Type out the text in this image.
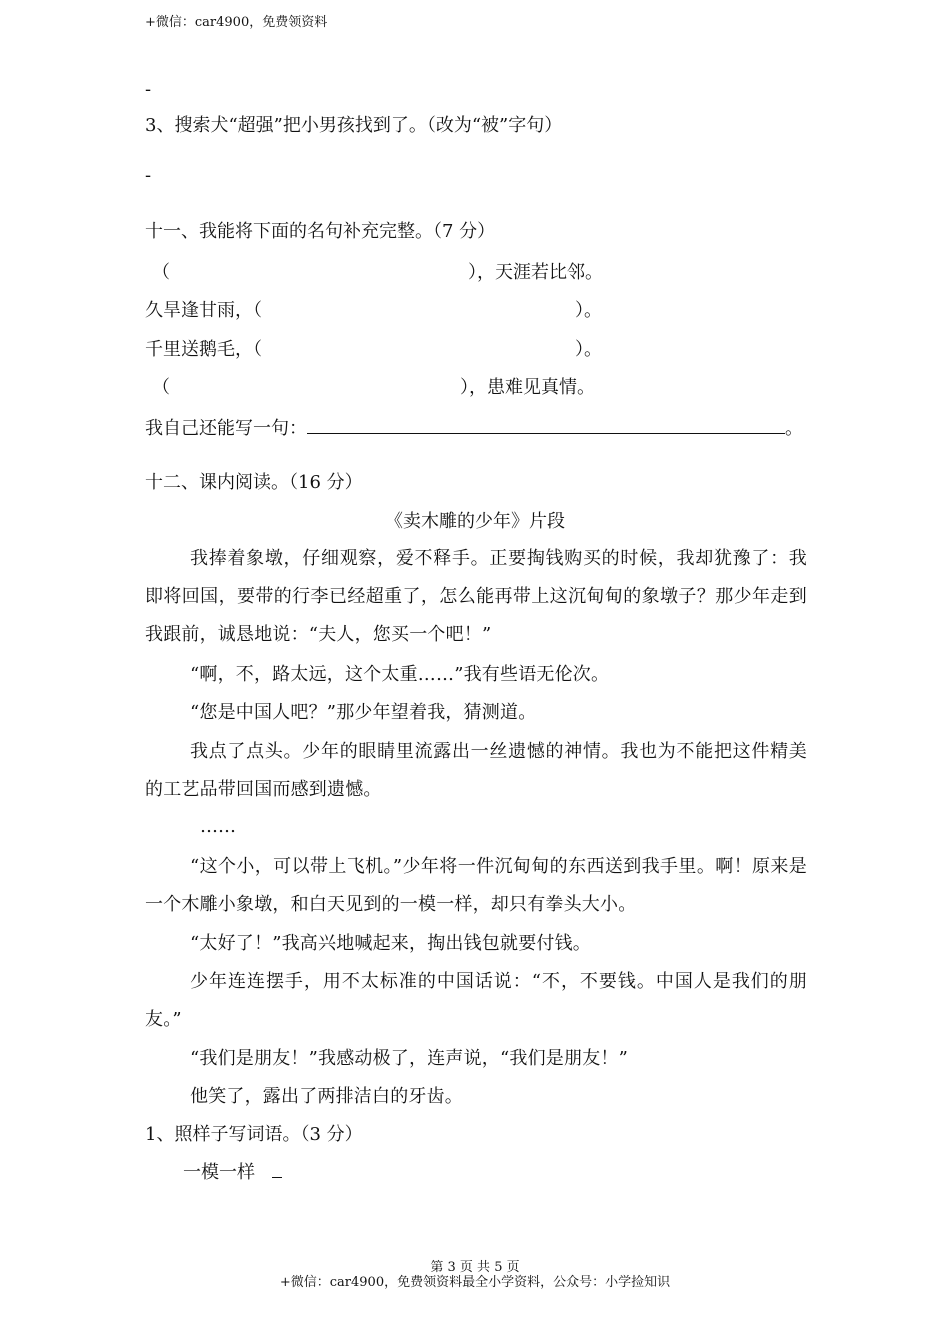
+微信：car4900，免费领资料
-
-
3、搜索犬“超强”把小男孩找到了。（改为“被”字句）
十一、我能将下面的名句补充完整。（7 分）
（	），天涯若比邻。
久旱逢甘雨，（	）。
千里送鹅毛，（	）。
（	），患难见真情。
我自己还能写一句：	。
十二、课内阅读。（16 分）
《卖木雕的少年》片段
我捧着象墩，仔细观察，爱不释手。正要掏钱购买的时候，我却犹豫了：我即将回国，要带的行李已经超重了，怎么能再带上这沉甸甸的象墩子？那少年走到我跟前，诚恳地说：“夫人，您买一个吧！”
“啊，不，路太远，这个太重……”我有些语无伦次。
“您是中国人吧？”那少年望着我，猜测道。
我点了点头。少年的眼睛里流露出一丝遗憾的神情。我也为不能把这件精美的工艺品带回国而感到遗憾。
……
“这个小，可以带上飞机。”少年将一件沉甸甸的东西送到我手里。啊！原来是一个木雕小象墩，和白天见到的一模一样，却只有拳头大小。
“太好了！”我高兴地喊起来，掏出钱包就要付钱。
少年连连摆手，用不太标准的中国话说：“不，不要钱。中国人是我们的朋友。”
“我们是朋友！”我感动极了，连声说，“我们是朋友！”
他笑了，露出了两排洁白的牙齿。
1、照样子写词语。（3 分）
一模一样
第 3 页 共 5 页
+微信：car4900，免费领资料最全小学资料，公众号：小学捡知识
